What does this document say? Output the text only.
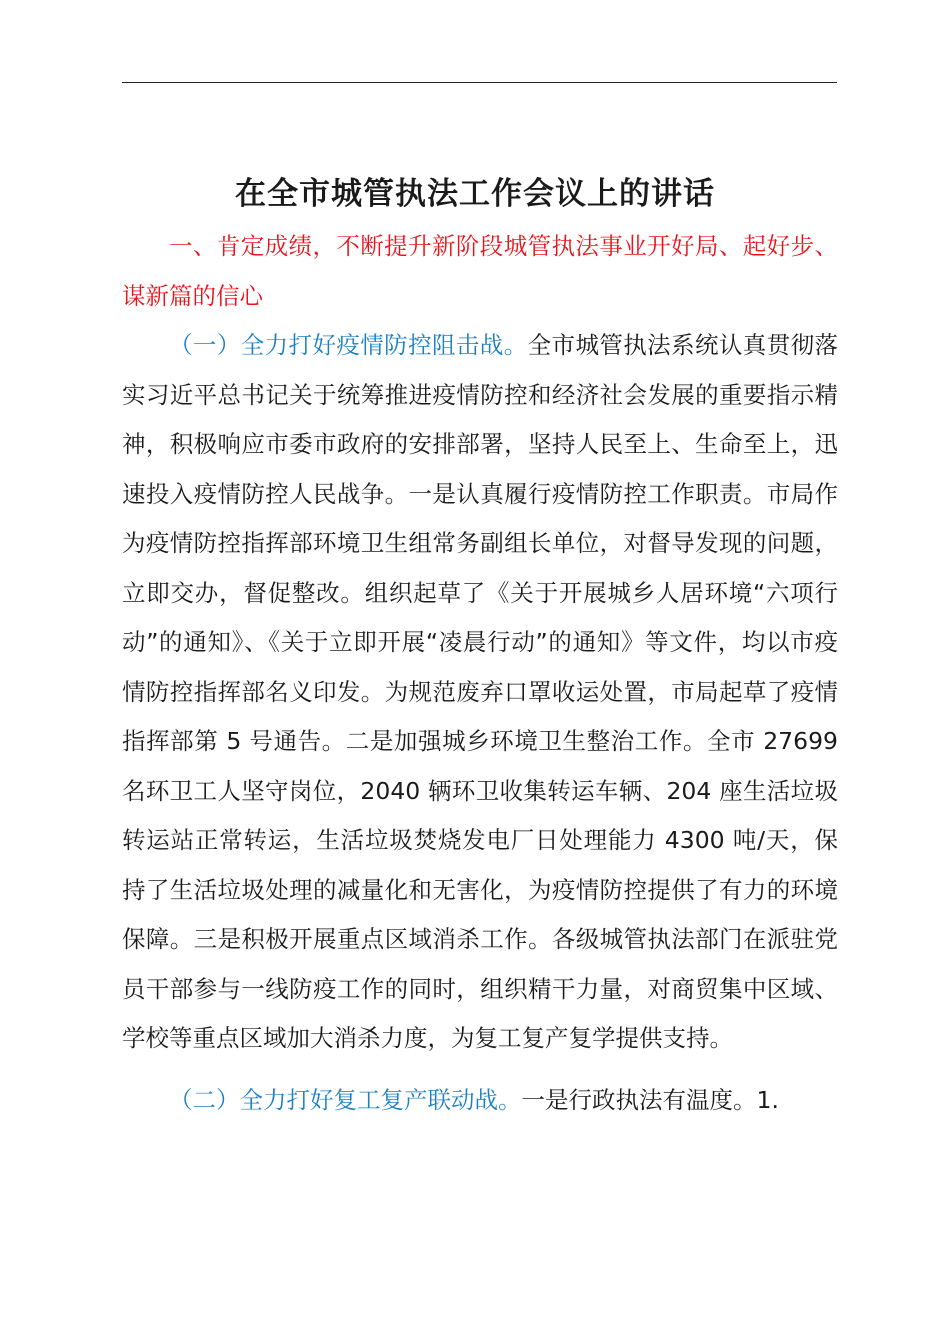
在全市城管执法工作会议上的讲话

一、肯定成绩，不断提升新阶段城管执法事业开好局、起好步、谋新篇的信心

（一）全力打好疫情防控阻击战。全市城管执法系统认真贯彻落实习近平总书记关于统筹推进疫情防控和经济社会发展的重要指示精神，积极响应市委市政府的安排部署，坚持人民至上、生命至上，迅速投入疫情防控人民战争。一是认真履行疫情防控工作职责。市局作为疫情防控指挥部环境卫生组常务副组长单位，对督导发现的问题，立即交办，督促整改。组织起草了《关于开展城乡人居环境“六项行动”的通知》、《关于立即开展“凌晨行动”的通知》等文件，均以市疫情防控指挥部名义印发。为规范废弃口罩收运处置，市局起草了疫情指挥部第 5 号通告。二是加强城乡环境卫生整治工作。全市 27699 名环卫工人坚守岗位，2040 辆环卫收集转运车辆、204 座生活垃圾转运站正常转运，生活垃圾焚烧发电厂日处理能力 4300 吨/天，保持了生活垃圾处理的减量化和无害化，为疫情防控提供了有力的环境保障。三是积极开展重点区域消杀工作。各级城管执法部门在派驻党员干部参与一线防疫工作的同时，组织精干力量，对商贸集中区域、学校等重点区域加大消杀力度，为复工复产复学提供支持。

（二）全力打好复工复产联动战。一是行政执法有温度。1.
